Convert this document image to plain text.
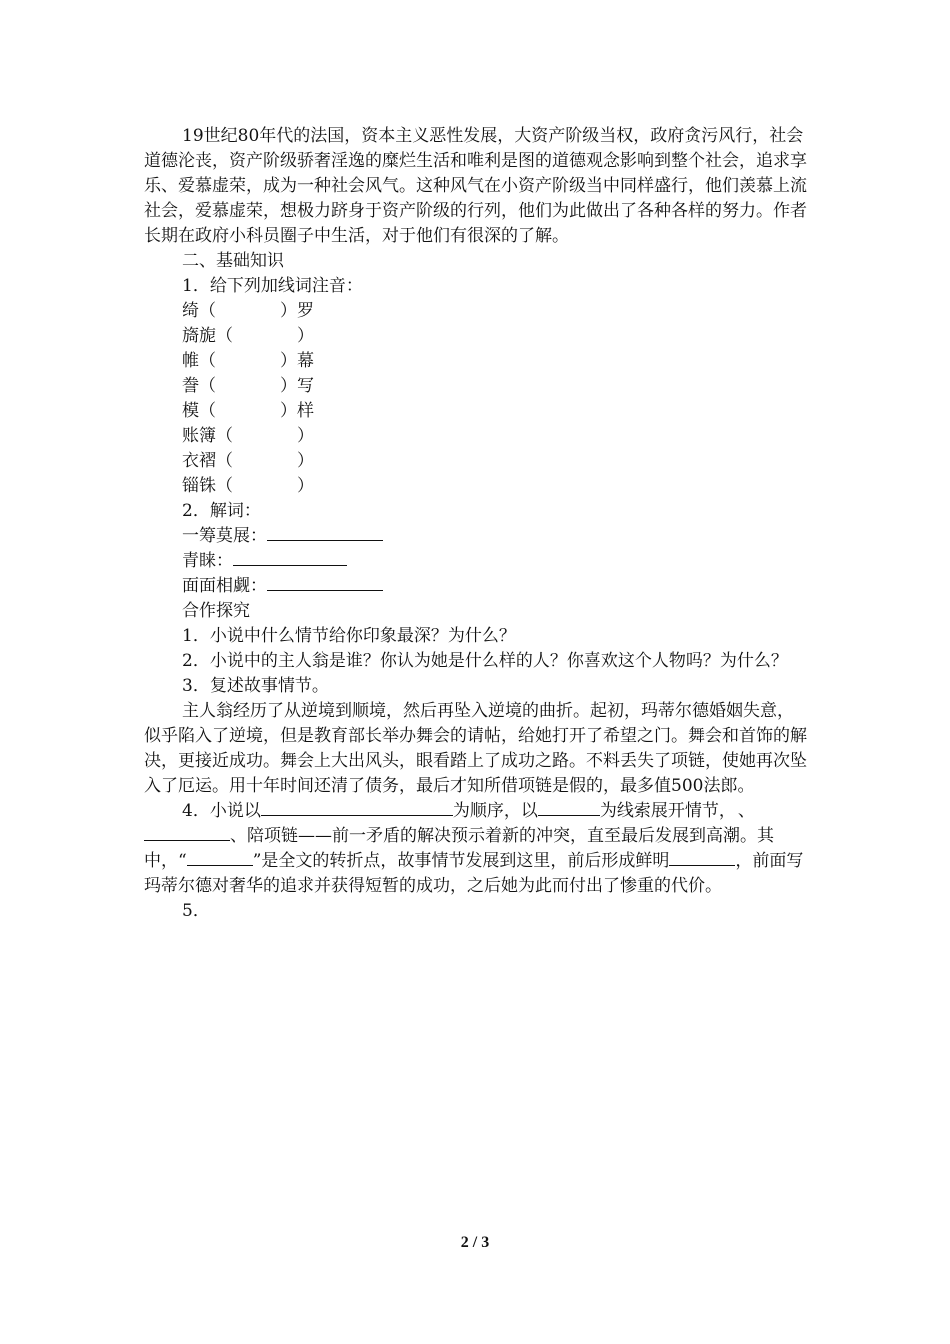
19世纪80年代的法国，资本主义恶性发展，大资产阶级当权，政府贪污风行，社会道德沦丧，资产阶级骄奢淫逸的糜烂生活和唯利是图的道德观念影响到整个社会，追求享乐、爱慕虚荣，成为一种社会风气。这种风气在小资产阶级当中同样盛行，他们羡慕上流社会，爱慕虚荣，想极力跻身于资产阶级的行列，他们为此做出了各种各样的努力。作者长期在政府小科员圈子中生活，对于他们有很深的了解。

二、基础知识

1．给下列加线词注音：

绮（	）罗
旖旎（	）
帷（	）幕
誊（	）写
模（	）样
账簿（	）
衣褶（	）
锱铢（	）

2．解词：

一筹莫展：
青睐：
面面相觑：

合作探究

1．小说中什么情节给你印象最深？为什么？

2．小说中的主人翁是谁？你认为她是什么样的人？你喜欢这个人物吗？为什么？

3．复述故事情节。

主人翁经历了从逆境到顺境，然后再坠入逆境的曲折。起初，玛蒂尔德婚姻失意，似乎陷入了逆境，但是教育部长举办舞会的请帖，给她打开了希望之门。舞会和首饰的解决，更接近成功。舞会上大出风头，眼看踏上了成功之路。不料丢失了项链，使她再次坠入了厄运。用十年时间还清了债务，最后才知所借项链是假的，最多值500法郎。

4．小说以	为顺序，以	为线索展开情节， 、、陪项链——前一矛盾的解决预示着新的冲突，直至最后发展到高潮。其中，“	”是全文的转折点，故事情节发展到这里，前后形成鲜明	，前面写玛蒂尔德对奢华的追求并获得短暂的成功，之后她为此而付出了惨重的代价。

5．

2 / 3
